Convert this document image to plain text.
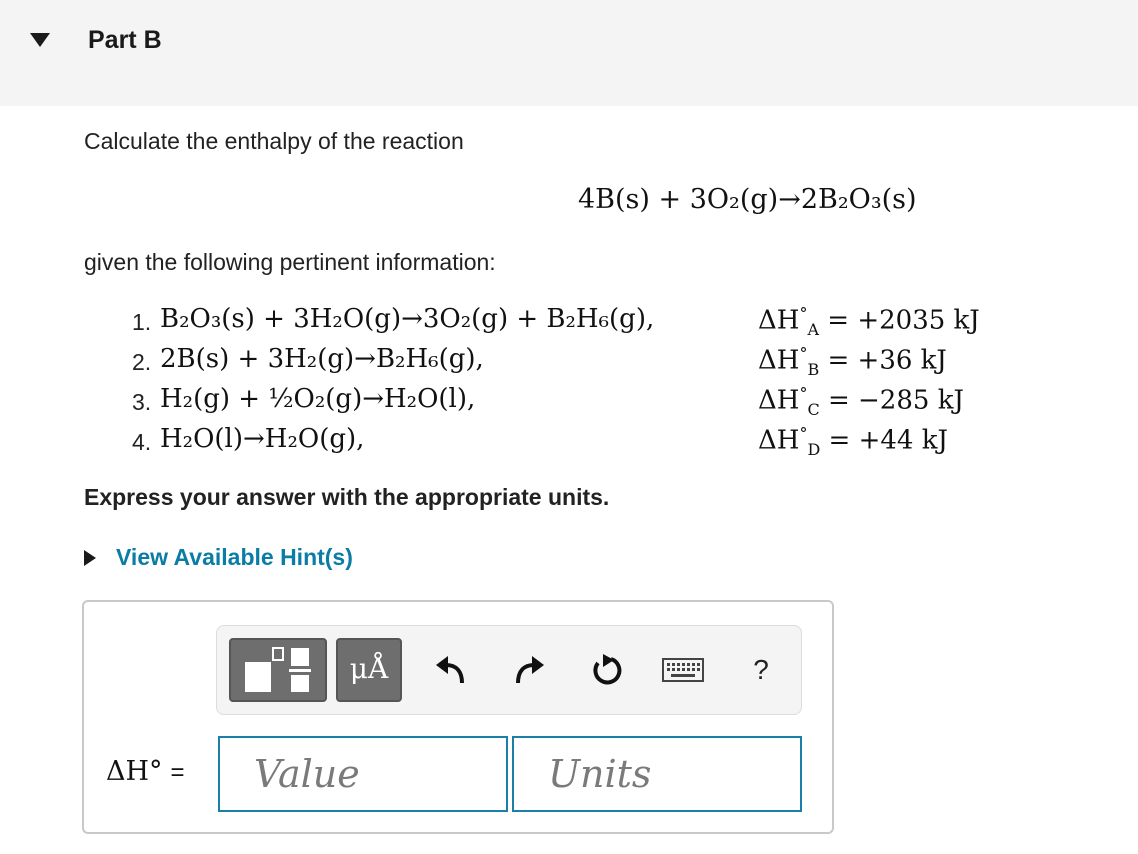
Part B
Calculate the enthalpy of the reaction
4B(s) + 3O₂(g)→2B₂O₃(s)
given the following pertinent information:
1. B₂O₃(s) + 3H₂O(g)→3O₂(g) + B₂H₆(g),	$\Delta H^\circ_A = +2035$ kJ
2. 2B(s) + 3H₂(g)→B₂H₆(g),	$\Delta H^\circ_B = +36$ kJ
3. H₂(g) + ½O₂(g)→H₂O(l),	$\Delta H^\circ_C = -285$ kJ
4. H₂O(l)→H₂O(g),	$\Delta H^\circ_D = +44$ kJ
Express your answer with the appropriate units.
View Available Hint(s)
μÅ	?
ΔH° =
Value
Units
